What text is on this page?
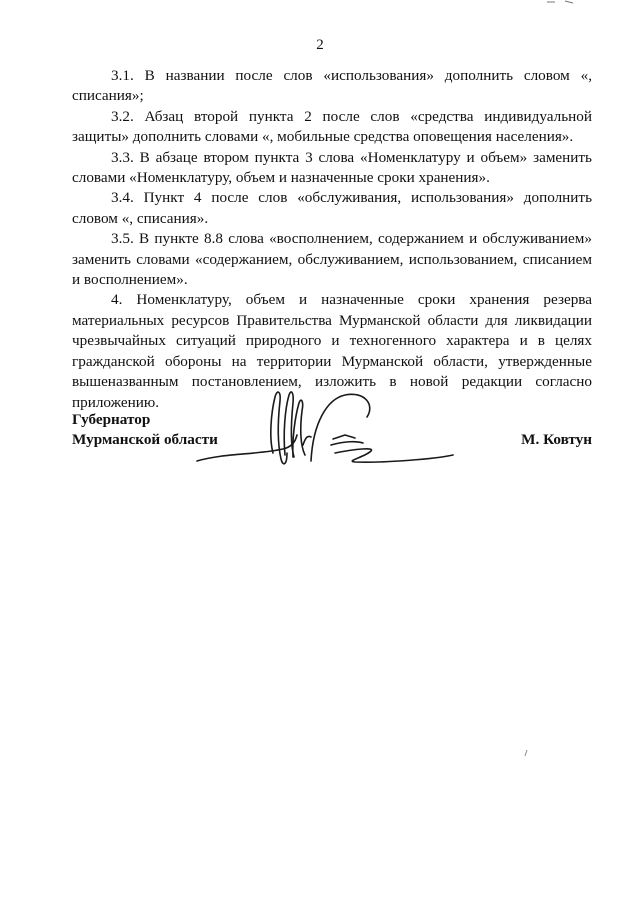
2

3.1. В названии после слов «использования» дополнить словом «, списания»;

3.2. Абзац второй пункта 2 после слов «средства индивидуальной защиты» дополнить словами «, мобильные средства оповещения населения».

3.3. В абзаце втором пункта 3 слова «Номенклатуру и объем» заменить словами «Номенклатуру, объем и назначенные сроки хранения».

3.4. Пункт 4 после слов «обслуживания, использования» дополнить словом «, списания».

3.5. В пункте 8.8 слова «восполнением, содержанием и обслуживанием» заменить словами «содержанием, обслуживанием, использованием, списанием и восполнением».

4. Номенклатуру, объем и назначенные сроки хранения резерва материальных ресурсов Правительства Мурманской области для ликвидации чрезвычайных ситуаций природного и техногенного характера и в целях гражданской обороны на территории Мурманской области, утвержденные вышеназванным постановлением, изложить в новой редакции согласно приложению.

Губернатор
Мурманской области	М. Ковтун
